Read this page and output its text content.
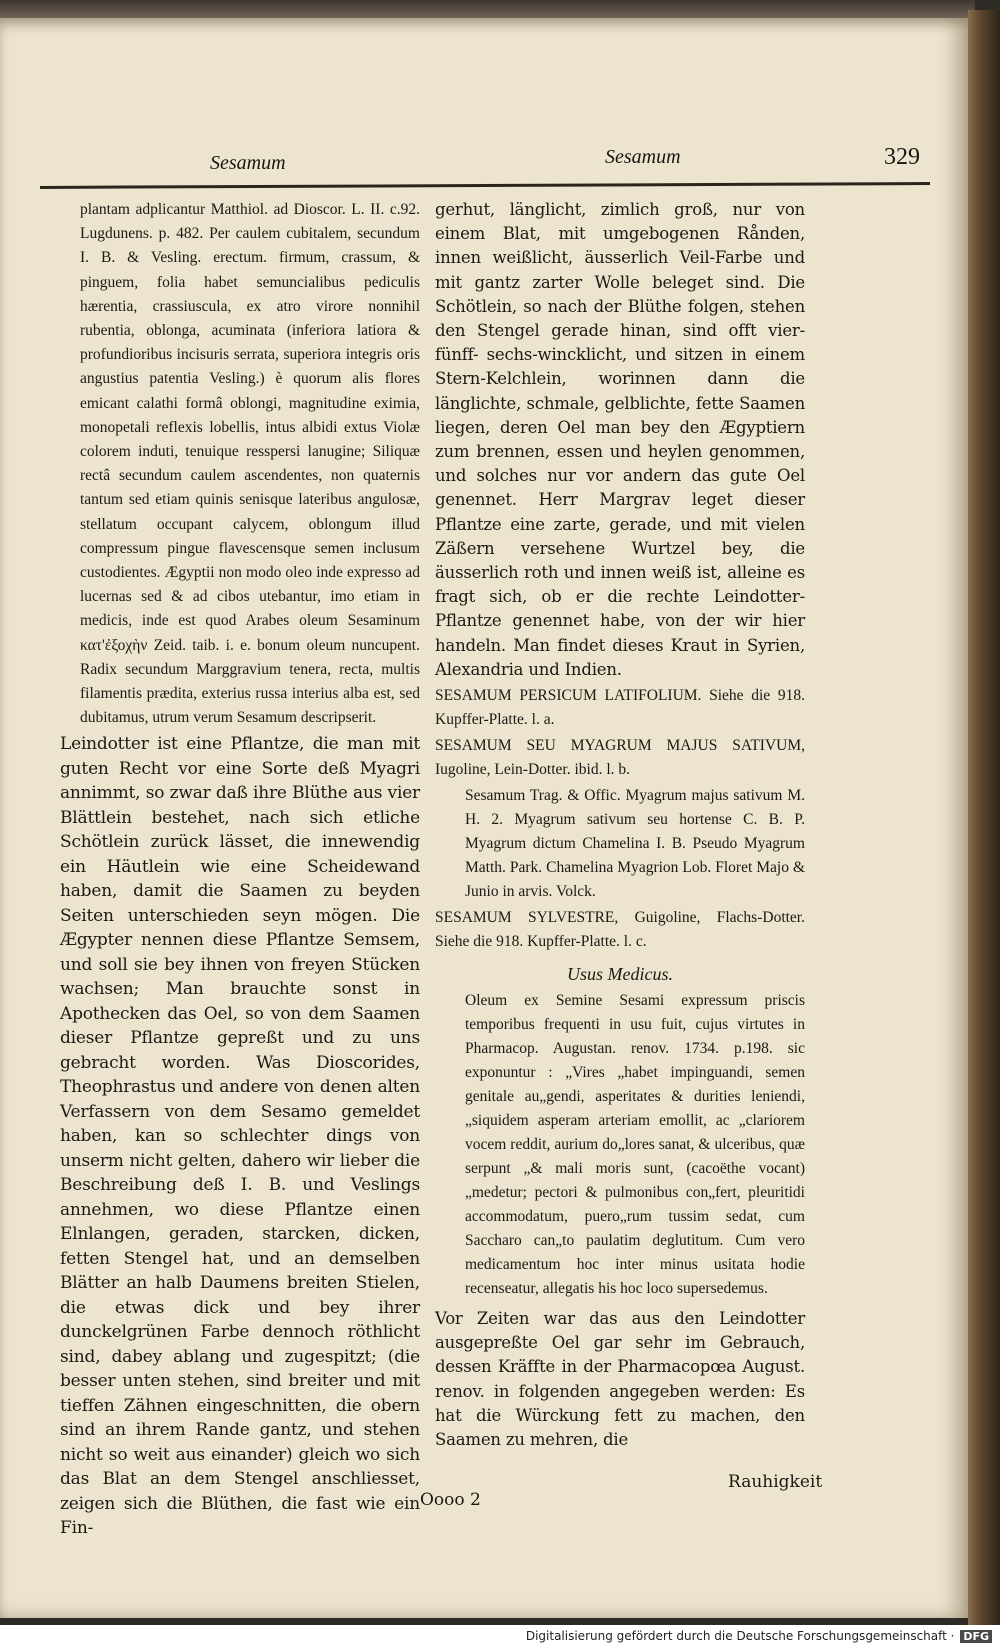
Sesamum	Sesamum	329

plantam adplicantur Matthiol. ad Dioscor. L. II. c.92. Lugdunens. p. 482. Per caulem cubitalem, secundum I. B. & Vesling. erectum. firmum, crassum, & pinguem, folia habet semuncialibus pediculis hærentia, crassiuscula, ex atro virore nonnihil rubentia, oblonga, acuminata (inferiora latiora & profundioribus incisuris serrata, superiora integris oris angustius patentia Vesling.) è quorum alis flores emicant calathi formâ oblongi, magnitudine eximia, monopetali reflexis lobellis, intus albidi extus Violæ colorem induti, tenuique resspersi lanugine; Siliquæ rectâ secundum caulem ascendentes, non quaternis tantum sed etiam quinis senisque lateribus angulosæ, stellatum occupant calycem, oblongum illud compressum pingue flavescensque semen inclusum custodientes. Ægyptii non modo oleo inde expresso ad lucernas sed & ad cibos utebantur, imo etiam in medicis, inde est quod Arabes oleum Sesaminum κατ'ἐξοχὴν Zeid. taib. i. e. bonum oleum nuncupent. Radix secundum Marggravium tenera, recta, multis filamentis prædita, exterius russa interius alba est, sed dubitamus, utrum verum Sesamum descripserit.

Leindotter ist eine Pflantze, die man mit guten Recht vor eine Sorte deß Myagri annimmt, so zwar daß ihre Blüthe aus vier Blättlein bestehet, nach sich etliche Schötlein zurück lässet, die innewendig ein Häutlein wie eine Scheidewand haben, damit die Saamen zu beyden Seiten unterschieden seyn mögen. Die Ægypter nennen diese Pflantze Semsem, und soll sie bey ihnen von freyen Stücken wachsen; Man brauchte sonst in Apothecken das Oel, so von dem Saamen dieser Pflantze gepreßt und zu uns gebracht worden. Was Dioscorides, Theophrastus und andere von denen alten Verfassern von dem Sesamo gemeldet haben, kan so schlechter dings von unserm nicht gelten, dahero wir lieber die Beschreibung deß I. B. und Veslings annehmen, wo diese Pflantze einen Elnlangen, geraden, starcken, dicken, fetten Stengel hat, und an demselben Blätter an halb Daumens breiten Stielen, die etwas dick und bey ihrer dunckelgrünen Farbe dennoch röthlicht sind, dabey ablang und zugespitzt; (die besser unten stehen, sind breiter und mit tieffen Zähnen eingeschnitten, die obern sind an ihrem Rande gantz, und stehen nicht so weit aus einander) gleich wo sich das Blat an dem Stengel anschliesset, zeigen sich die Blüthen, die fast wie ein Fin-

gerhut, länglicht, zimlich groß, nur von einem Blat, mit umgebogenen Rånden, innen weißlicht, äusserlich Veil-Farbe und mit gantz zarter Wolle beleget sind. Die Schötlein, so nach der Blüthe folgen, stehen den Stengel gerade hinan, sind offt vier- fünff- sechs-wincklicht, und sitzen in einem Stern-Kelchlein, worinnen dann die länglichte, schmale, gelblichte, fette Saamen liegen, deren Oel man bey den Ægyptiern zum brennen, essen und heylen genommen, und solches nur vor andern das gute Oel genennet. Herr Margrav leget dieser Pflantze eine zarte, gerade, und mit vielen Zäßern versehene Wurtzel bey, die äusserlich roth und innen weiß ist, alleine es fragt sich, ob er die rechte Leindotter-Pflantze genennet habe, von der wir hier handeln. Man findet dieses Kraut in Syrien, Alexandria und Indien.

SESAMUM PERSICUM LATIFOLIUM. Siehe die 918. Kupffer-Platte. l. a.

SESAMUM SEU MYAGRUM MAJUS SATIVUM, Iugoline, Lein-Dotter. ibid. l. b.

Sesamum Trag. & Offic. Myagrum majus sativum M. H. 2. Myagrum sativum seu hortense C. B. P. Myagrum dictum Chamelina I. B. Pseudo Myagrum Matth. Park. Chamelina Myagrion Lob. Floret Majo & Junio in arvis. Volck.

SESAMUM SYLVESTRE, Guigoline, Flachs-Dotter. Siehe die 918. Kupffer-Platte. l. c.

Usus Medicus.

Oleum ex Semine Sesami expressum priscis temporibus frequenti in usu fuit, cujus virtutes in Pharmacop. Augustan. renov. 1734. p.198. sic exponuntur : „Vires „habet impinguandi, semen genitale au„gendi, asperitates & durities leniendi, „siquidem asperam arteriam emollit, ac „clariorem vocem reddit, aurium do„lores sanat, & ulceribus, quæ serpunt „& mali moris sunt, (cacoëthe vocant) „medetur; pectori & pulmonibus con„fert, pleuritidi accommodatum, puero„rum tussim sedat, cum Saccharo can„to paulatim deglutitum. Cum vero medicamentum hoc inter minus usitata hodie recenseatur, allegatis his hoc loco supersedemus.

Vor Zeiten war das aus den Leindotter ausgepreßte Oel gar sehr im Gebrauch, dessen Kräffte in der Pharmacopœa August. renov. in folgenden angegeben werden: Es hat die Würckung fett zu machen, den Saamen zu mehren, die

Oooo 2
Rauhigkeit
Digitalisierung gefördert durch die Deutsche Forschungsgemeinschaft · DFG
